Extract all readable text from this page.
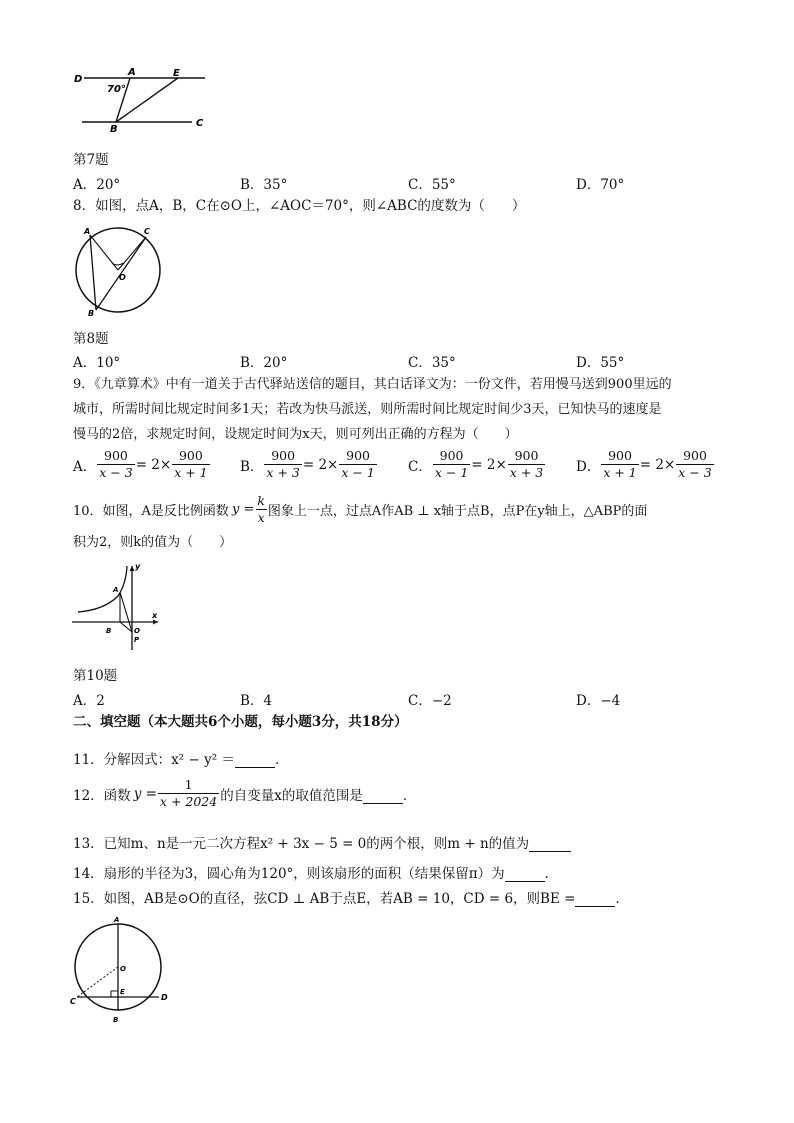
D
A	E
B
C
70°
第7题
A．20°	B．35°	C．55°	D．70°
8．如图，点A，B，C在⊙O上，∠AOC＝70°，则∠ABC的度数为（　　）
A	C
O
B
第8题
A．10°	B．20°	C．35°	D．55°
9．《九章算术》中有一道关于古代驿站送信的题目，其白话译文为：一份文件，若用慢马送到900里远的
城市，所需时间比规定时间多1天；若改为快马派送，则所需时间比规定时间少3天，已知快马的速度是
慢马的2倍，求规定时间，设规定时间为x天，则可列出正确的方程为（　　）
A． $\frac{900}{x - 3} = 2\times \frac{900}{x + 1}$ B． $\frac{900}{x + 3} = 2\times \frac{900}{x - 1}$ C． $\frac{900}{x - 1} = 2\times \frac{900}{x + 3}$ D． $\frac{900}{x + 1} = 2\times \frac{900}{x - 3}$
10．如图，A是反比例函数 $y = \frac{k}{x}$ 图象上一点，过点A作AB ⊥ x轴于点B，点P在y轴上，△ABP的面
积为2，则k的值为（　　）
y
x
A
B	O
P
第10题
A．2	B．4	C．−2	D．−4
二、填空题（本大题共6个小题，每小题3分，共18分）
11．分解因式：x² − y² ＝	．
12．函数 $y = \frac{1}{x + 2024}$ 的自变量x的取值范围是	．
13．已知m、n是一元二次方程x² + 3x − 5 = 0的两个根，则m + n的值为
14．扇形的半径为3，圆心角为120°，则该扇形的面积（结果保留π）为	．
15．如图，AB是⊙O的直径，弦CD ⊥ AB于点E，若AB = 10，CD = 6，则BE =	．
A
O
E
C	D
B
